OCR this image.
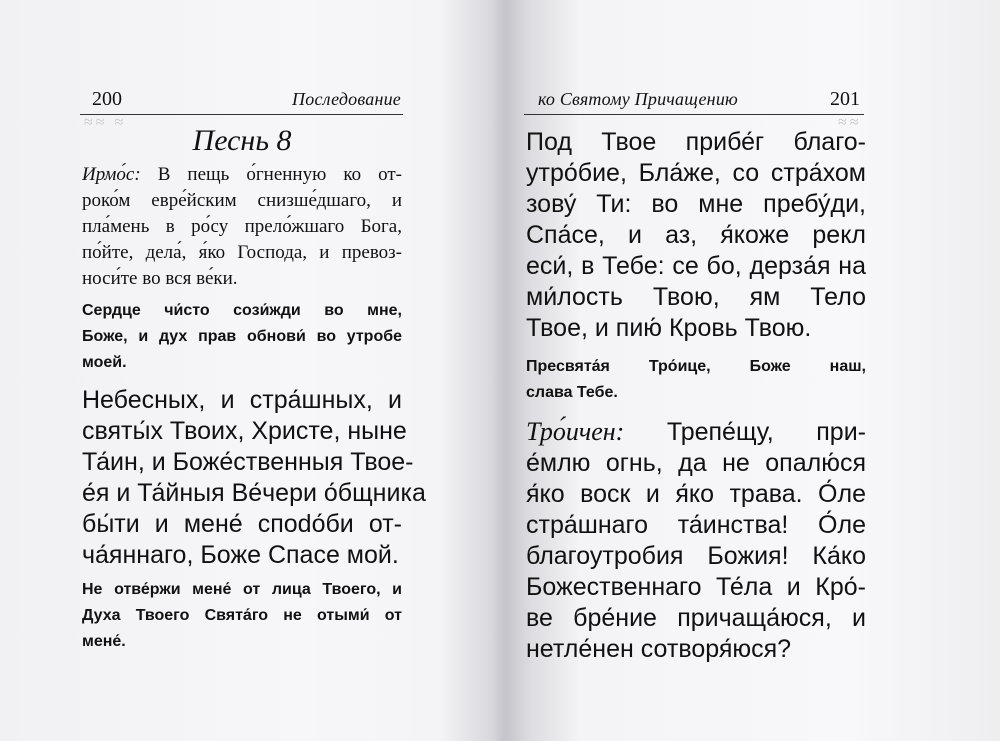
200	Последование
≈≈ ≈
Песнь 8
Ирмо́с: В пещь о́гненную ко от-
роко́м евре́йским снизше́дшаго, и
пла́мень в ро́су прело́жшаго Бога,
по́йте, дела́, я́ко Господа, и превоз-
носи́те во вся ве́ки.
Сердце чи́сто сози́жди во мне,
Боже, и дух прав обнови́ во утробе
моей.
Небесных, и стра́шных, и
святы́х Твоих, Христе, ныне
Та́ин, и Боже́ственныя Твое-
е́я и Та́йныя Ве́чери о́бщника
бы́ти и мене́ спodо́би от-
ча́яннаго, Боже Спасе мой.
Не отве́ржи мене́ от лица Твоего, и
Духа Твоего Свята́го не отыми́ от
мене́.
ко Святому Причащению	201
≈≈
Под Твое прибе́г благо-
утро́бие, Бла́же, со стра́хом
зову́ Ти: во мне пребу́ди,
Спа́се, и аз, я́коже рекл
еси́, в Тебе: се бо, дерза́я на
ми́лость Твою, ям Тело
Твое, и пию́ Кровь Твою.
Пресвята́я Тро́ице, Боже наш,
слава Тебе.
Тро́ичен: Трепе́щу, при-
е́млю огнь, да не опалю́ся
я́ко воск и я́ко трава. О́ле
стра́шнаго та́инства! О́ле
благоутробия Божия! Ка́ко
Божественнаго Те́ла и Кро́-
ве бре́ние причаща́юся, и
нетле́нен сотворя́юся?
